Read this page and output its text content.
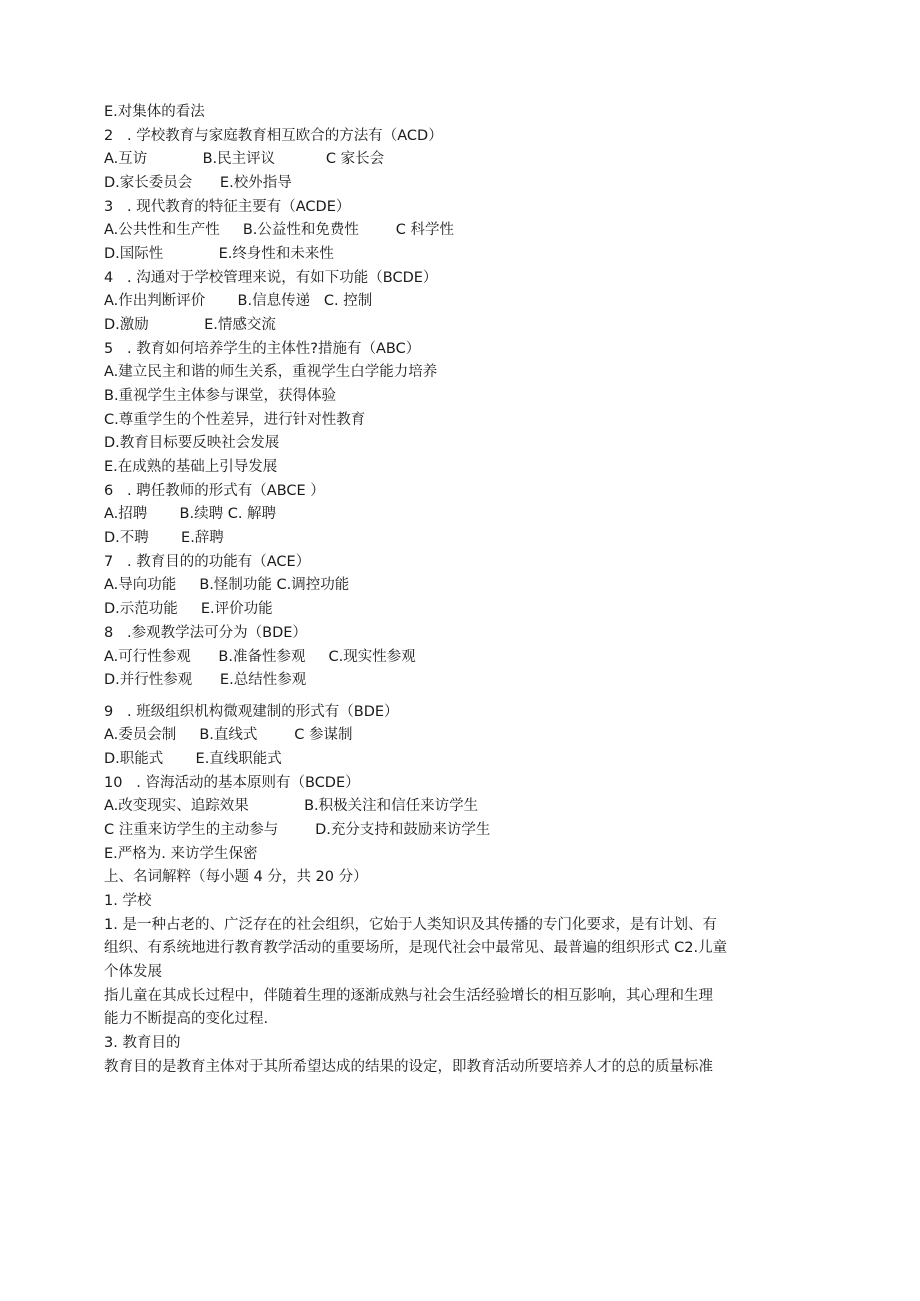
E.对集体的看法
2   . 学校教育与家庭教育相互欧合的方法有（ACD）
A.互访            B.民主评议           C 家长会
D.家长委员会      E.校外指导
3   . 现代教育的特征主要有（ACDE）
A.公共性和生产性     B.公益性和免费性        C 科学性
D.国际性            E.终身性和未来性
4   . 沟通对于学校管理来说，有如下功能（BCDE）
A.作出判断评价       B.信息传递   C. 控制
D.激励            E.情感交流
5   . 教育如何培养学生的主体性?措施有（ABC）
A.建立民主和谐的师生关系，重视学生白学能力培养
B.重视学生主体参与课堂，获得体验
C.尊重学生的个性差异，进行针对性教育
D.教育目标要反映社会发展
E.在成熟的基础上引导发展
6   . 聘任教师的形式有（ABCE ）
A.招聘       B.续聘 C. 解聘
D.不聘       E.辞聘
7   . 教育目的的功能有（ACE）
A.导向功能     B.怪制功能 C.调控功能
D.示范功能     E.评价功能
8   .参观教学法可分为（BDE）
A.可行性参观      B.准备性参观     C.现实性参观
D.并行性参观      E.总结性参观
9   . 班级组织机构微观建制的形式有（BDE）
A.委员会制     B.直线式        C 参谋制
D.职能式       E.直线职能式
10   . 咨海活动的基本原则有（BCDE）
A.改变现实、追踪效果            B.积极关注和信任来访学生
C 注重来访学生的主动参与        D.充分支持和鼓励来访学生
E.严格为. 来访学生保密
上、名词解粹（每小题 4 分，共 20 分）
1. 学校
1. 是一种占老的、广泛存在的社会组织，它始于人类知识及其传播的专门化要求，是有计划、有
组织、有系统地进行教育教学活动的重要场所，是现代社会中最常见、最普遍的组织形式 C2.儿童
个体发展
指儿童在其成长过程中，伴随着生理的逐渐成熟与社会生活经验增长的相互影响，其心理和生理
能力不断提高的变化过程.
3. 教育目的
教育目的是教育主体对于其所希望达成的结果的设定，即教育活动所要培养人才的总的质量标准
